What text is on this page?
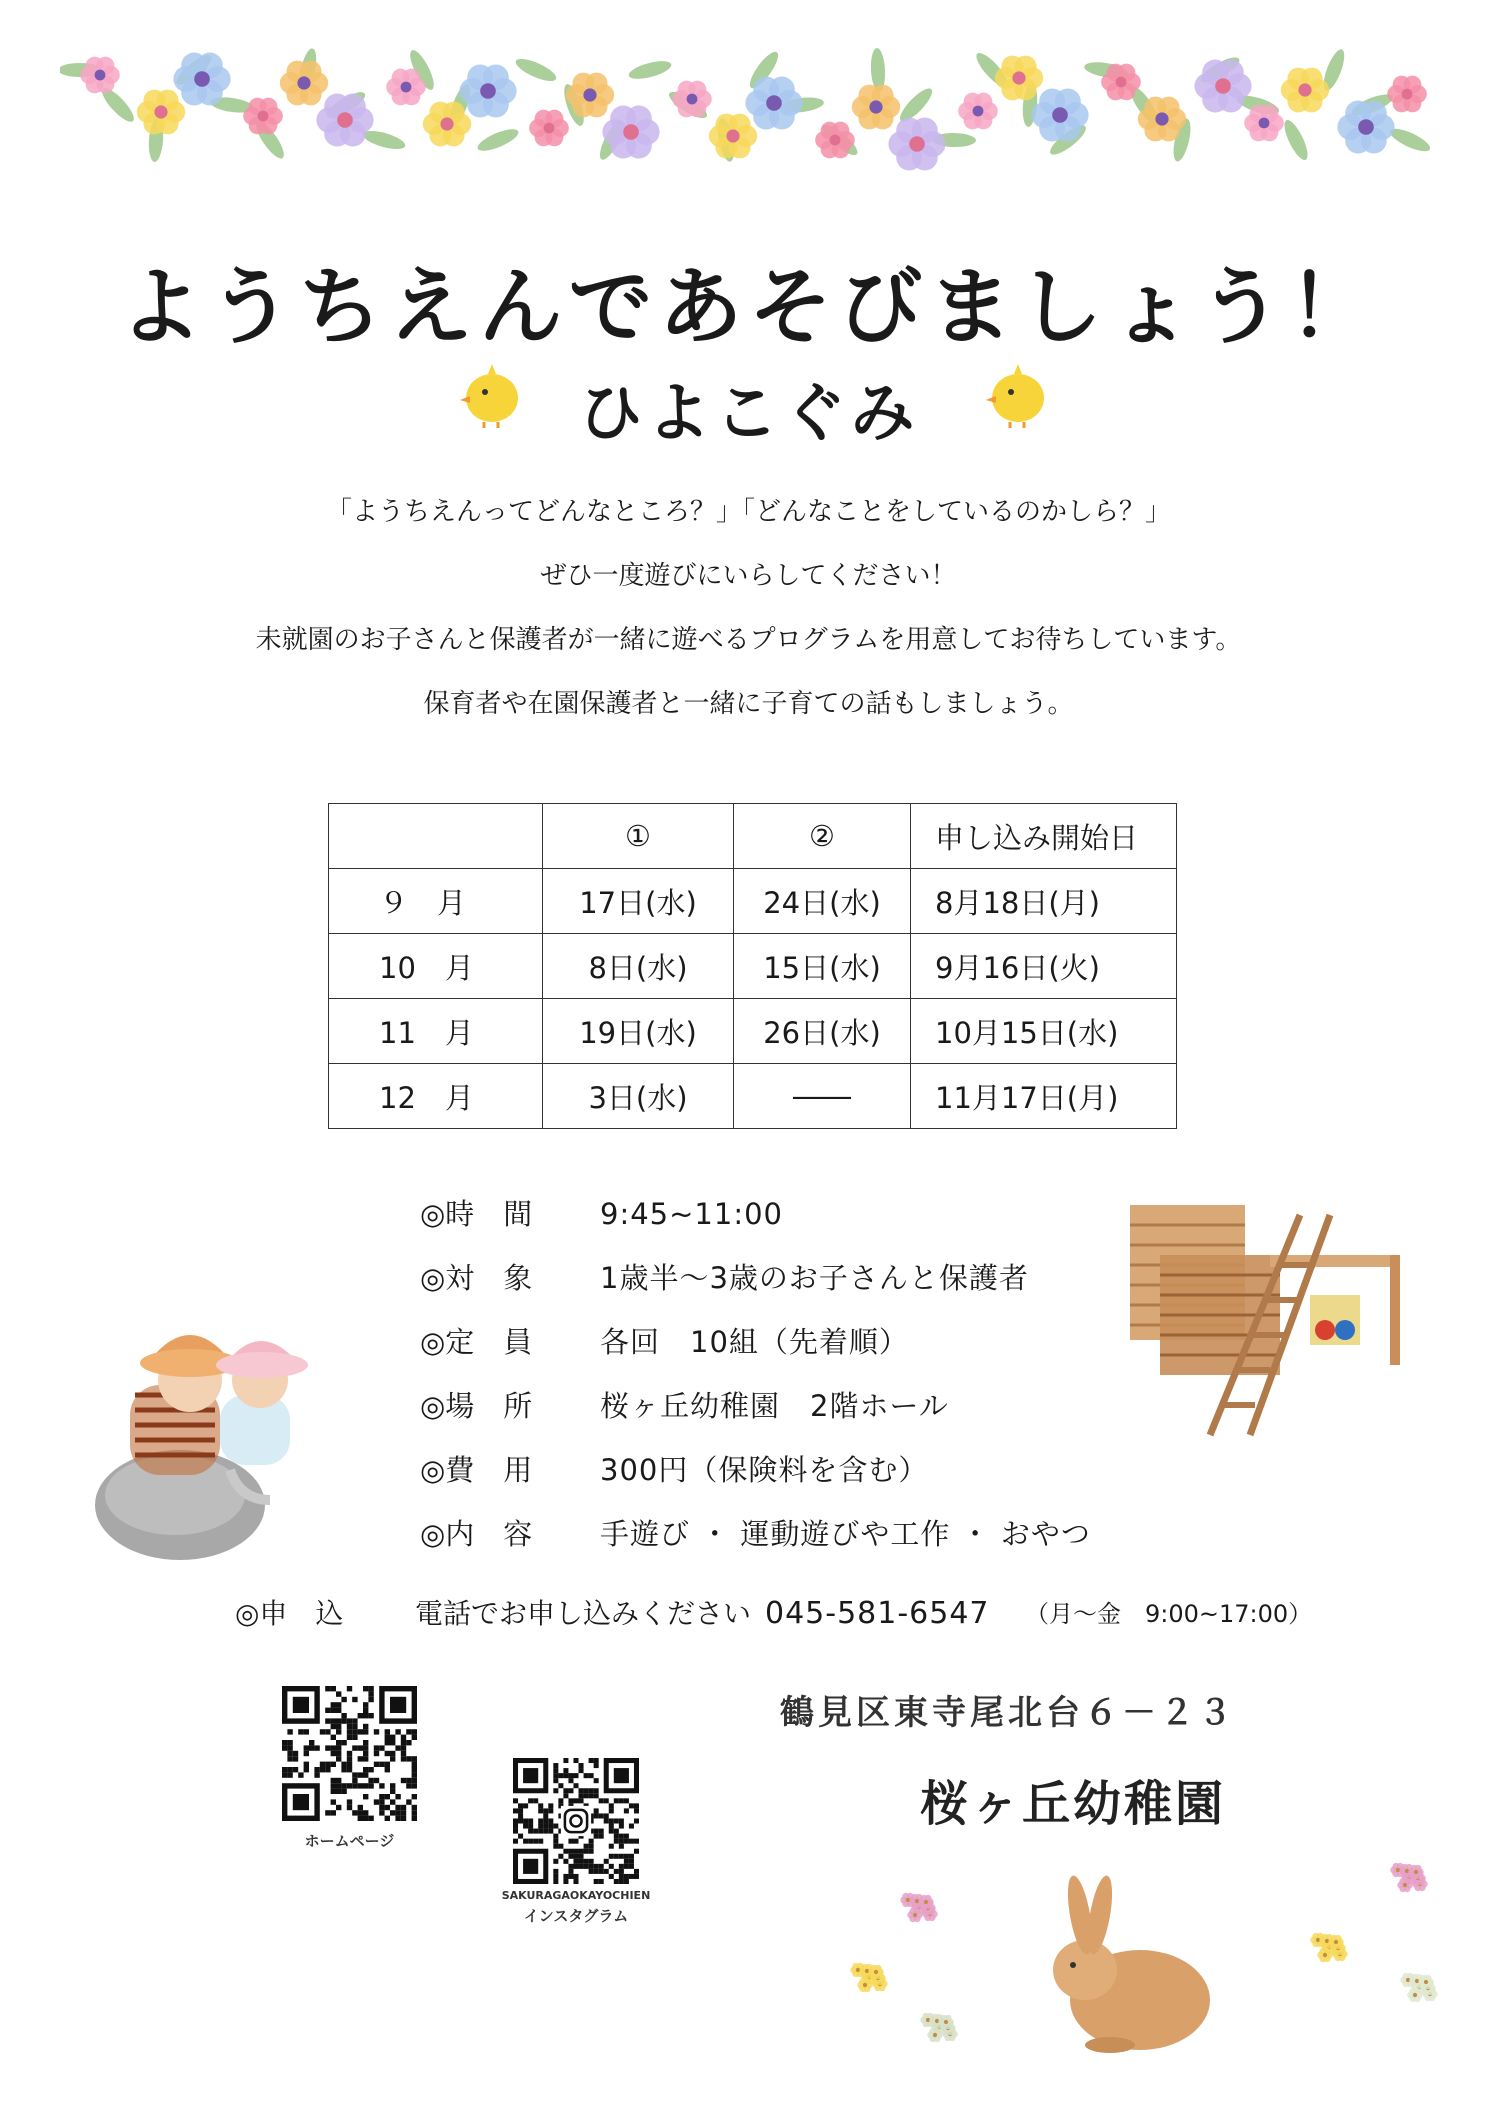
ようちえんであそびましょう！
ひよこぐみ

「ようちえんってどんなところ？」「どんなことをしているのかしら？」

ぜひ一度遊びにいらしてください！

未就園のお子さんと保護者が一緒に遊べるプログラムを用意してお待ちしています。

保育者や在園保護者と一緒に子育ての話もしましょう。

	①	②	申し込み開始日
９　月	17日(水)	24日(水)	8月18日(月)
10　月	8日(水)	15日(水)	9月16日(火)
11　月	19日(水)	26日(水)	10月15日(水)
12　月	3日(水)	――	11月17日(月)
◎時　間 9:45~11:00
◎対　象 1歳半～3歳のお子さんと保護者
◎定　員 各回　10組（先着順）
◎場　所 桜ヶ丘幼稚園　2階ホール
◎費　用 300円（保険料を含む）
◎内　容 手遊び ・ 運動遊びや工作 ・ おやつ
◎申　込	電話でお申し込みください 045-581-6547 （月～金　9:00~17:00）
ホームページ
SAKURAGAOKAYOCHIEN
インスタグラム
鶴見区東寺尾北台６－２３
桜ヶ丘幼稚園
